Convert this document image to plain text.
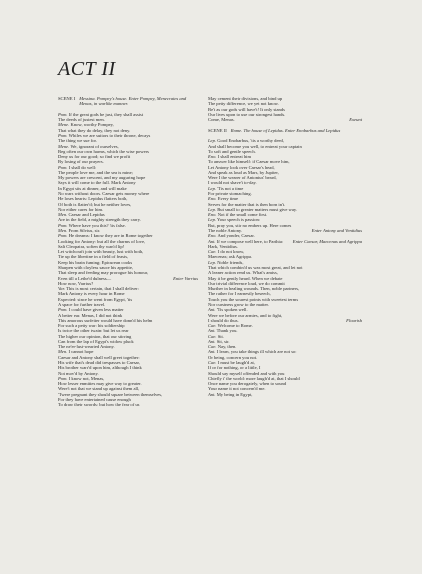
ACT II
SCENE I Messina. Pompey's house. Enter Pompey, Menecrates and Menas, in warlike manner.
Pom. If the great gods be just, they shall assist
The deeds of justest men.
Mene. Know, worthy Pompey,
That what they do delay, they not deny.
Pom. Whiles we are suitors to their throne, decays
The thing we sue for.
Mene. We, ignorant of ourselves,
Beg often our own harms, which the wise powers
Deny us for our good; so find we profit
By losing of our prayers.
Pom. I shall do well:
The people love me, and the sea is mine;
My powers are crescent, and my auguring hope
Says it will come to the full. Mark Antony
In Egypt sits at dinner, and will make
No wars without doors. Caesar gets money where
He loses hearts: Lepidus flatters both,
Of both is flatter'd; but he neither loves,
Nor either cares for him.
Men. Caesar and Lepidus
Are in the field, a mighty strength they carry.
Pom. Where have you this? 'tis false.
Men. From Silvius, sir.
Pom. He dreams: I know they are in Rome together
Looking for Antony: but all the charms of love,
Salt Cleopatra, soften thy wan'd lip!
Let witchcraft join with beauty, lust with both,
Tie up the libertine in a field of feasts,
Keep his brain fuming; Epicurean cooks
Sharpen with cloyless sauce his appetite,
That sleep and feeding may prorogue his honour,
Enter Varrius
Even till a Lethe'd dulness—
How now, Varrius?
Var. This is most certain, that I shall deliver:
Mark Antony is every hour in Rome
Expected: since he went from Egypt, 'tis
A space for further travel.
Pom. I could have given less matter
A better ear. Menas, I did not think
This amorous surfeiter would have donn'd his helm
For such a petty war: his soldiership
Is twice the other twain: but let us rear
The higher our opinion, that our stirring
Can from the lap of Egypt's widow pluck
The ne'er-lust-wearied Antony.
Men. I cannot hope
Caesar and Antony shall well greet together:
His wife that's dead did trespasses to Caesar,
His brother warr'd upon him, although I think
Not mov'd by Antony.
Pom. I know not, Menas,
How lesser enmities may give way to greater.
Were't not that we stand up against them all,
'Twere pregnant they should square between themselves,
For they have entertained cause enough
To draw their swords: but how the fear of us
May cement their divisions, and bind up
The petty difference, we yet not know.
Be't as our gods will have't! It only stands
Our lives upon to use our strongest hands.
Exeunt
Come, Menas.
SCENE II Rome. The house of Lepidus. Enter Enobarbus and Lepidus
Lep. Good Enobarbus, 'tis a worthy deed,
And shall become you well, to entreat your captain
To soft and gentle speech.
Eno. I shall entreat him
To answer like himself: if Caesar move him,
Let Antony look over Caesar's head,
And speak as loud as Mars, by Jupiter,
Were I the wearer of Antonius' beard,
I would not shave't to-day.
Lep. 'Tis not a time
For private stomaching.
Eno. Every time
Serves for the matter that is then born in't.
Lep. But small to greater matters must give way.
Eno. Not if the small come first.
Lep. Your speech is passion:
But, pray you, stir no embers up. Here comes
Enter Antony and Ventidius
The noble Antony.
Eno. And yonder, Caesar.
Enter Caesar, Maecenas and Agrippa
Ant. If we compose well here, to Parthia:
Hark, Ventidius.
Cae. I do not know,
Maecenas; ask Agrippa.
Lep. Noble friends,
That which combin'd us was most great, and let not
A leaner action rend us. What's amiss,
May it be gently heard. When we debate
Our trivial difference loud, we do commit
Murther in healing wounds. Then, noble partners,
The rather for I earnestly beseech,
Touch you the sourest points with sweetest terms
Nor curstness grow to the matter.
Ant. 'Tis spoken well.
Were we before our armies, and to fight,
Flourish
I should do thus.
Cae. Welcome to Rome.
Ant. Thank you.
Cae. Sit.
Ant. Sit, sir.
Cae. Nay, then.
Ant. I learn, you take things ill which are not so:
Or being, concern you not.
Cae. I must be laugh'd at,
If or for nothing, or a little, I
Should say myself offended and with you
Chiefly i' the world: more laugh'd at, that I should
Once name you derogately, when to sound
Your name it not concern'd me.
Ant. My being in Egypt,
